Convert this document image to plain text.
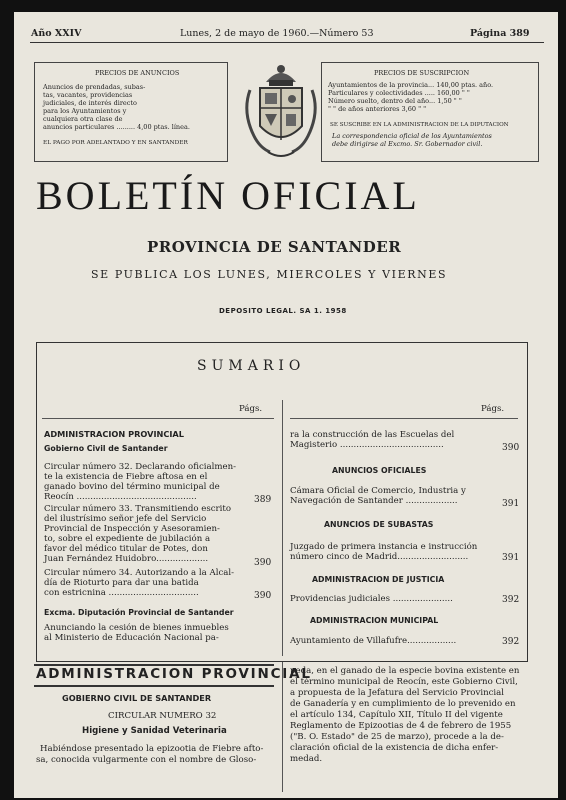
Año XXIV	Lunes, 2 de mayo de 1960.—Número 53	Página 389
PRECIOS DE ANUNCIOS
Anuncios de prendadas, subas-
tas, vacantes, providencias
judiciales, de interés directo
para los Ayuntamientos y
cualquiera otra clase de
anuncios particulares ......... 4,00 ptas. línea.
EL PAGO POR ADELANTADO Y EN SANTANDER
PRECIOS DE SUSCRIPCION
Ayuntamientos de la provincia... 140,00 ptas. año.
Particulares y colectividades ..... 160,00 " "
Número suelto, dentro del año... 1,50 " "
" " de años anteriores 3,60 " "
SE SUSCRIBE EN LA ADMINISTRACION DE LA DIPUTACION
La correspondencia oficial de los Ayuntamientos
debe dirigirse al Excmo. Sr. Gobernador civil.
BOLETÍN OFICIAL
PROVINCIA DE SANTANDER
SE PUBLICA LOS LUNES, MIERCOLES Y VIERNES
DEPOSITO LEGAL. SA 1. 1958
SUMARIO
Págs.	Págs.
ADMINISTRACION PROVINCIAL
Gobierno Civil de Santander
Circular número 32. Declarando oficialmen-
te la existencia de Fiebre aftosa en el
ganado bovino del término municipal de
Reocín ............................................	389
Circular número 33. Transmitiendo escrito
del ilustrísimo señor jefe del Servicio
Provincial de Inspección y Asesoramien-
to, sobre el expediente de jubilación a
favor del médico titular de Potes, don
Juan Fernández Huidobro...................	390
Circular número 34. Autorizando a la Alcal-
día de Rioturto para dar una batida
con estricnina .................................	390
Excma. Diputación Provincial de Santander
Anunciando la cesión de bienes inmuebles
al Ministerio de Educación Nacional pa-
ra la construcción de las Escuelas del
Magisterio ......................................	390
ANUNCIOS OFICIALES
Cámara Oficial de Comercio, Industria y
Navegación de Santander ...................	391
ANUNCIOS DE SUBASTAS
Juzgado de primera instancia e instrucción
número cinco de Madrid..........................	391
ADMINISTRACION DE JUSTICIA
Providencias judiciales ......................	392
ADMINISTRACION MUNICIPAL
Ayuntamiento de Villafufre..................	392
ADMINISTRACION PROVINCIAL
GOBIERNO CIVIL DE SANTANDER
CIRCULAR NUMERO 32
Higiene y Sanidad Veterinaria
Habiéndose presentado la epizootia de Fiebre afto-
sa, conocida vulgarmente con el nombre de Gloso-
peda, en el ganado de la especie bovina existente en
el término municipal de Reocín, este Gobierno Civil,
a propuesta de la Jefatura del Servicio Provincial
de Ganadería y en cumplimiento de lo prevenido en
el artículo 134, Capítulo XII, Título II del vigente
Reglamento de Epizootias de 4 de febrero de 1955
("B. O. Estado" de 25 de marzo), procede a la de-
claración oficial de la existencia de dicha enfer-
medad.
